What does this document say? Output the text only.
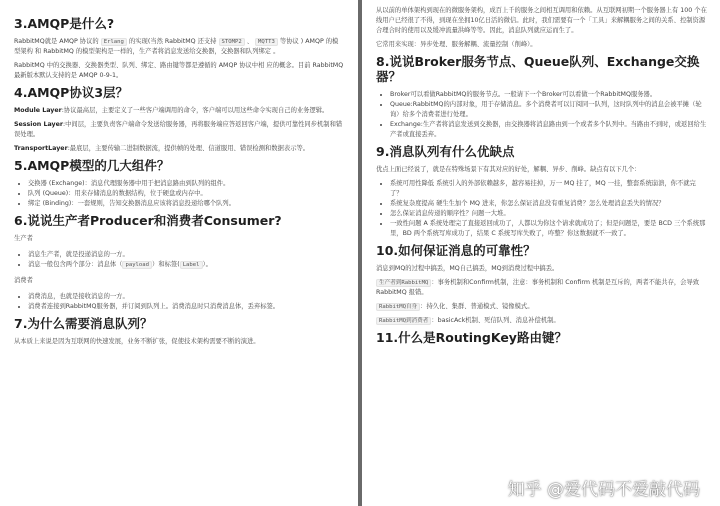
3.AMQP是什么?

RabbitMQ就是 AMQP 协议的 Erlang 的实现(当然 RabbitMQ 还支持 STOMP2 、 MQTT3 等协议 ) AMQP 的模型架构 和 RabbitMQ 的模型架构是一样的，生产者将消息发送给交换器，交换器和队列绑定 。

RabbitMQ 中的交换器、交换器类型、队列、绑定、路由键等都是遵循的 AMQP 协议中相 应的概念。目前 RabbitMQ 最新版本默认支持的是 AMQP 0-9-1。

4.AMQP协议3层？

Module Layer:协议最高层，主要定义了一些客户端调用的命令，客户端可以用这些命令实现自己的业务逻辑。

Session Layer:中间层，主要负责客户端命令发送给服务器，再将服务端应答返回客户端，提供可靠性同步机制和错误处理。

TransportLayer:最底层，主要传输二进制数据流，提供帧的处理、信道服用、错误检测和数据表示等。

5.AMQP模型的几大组件？
• 交换器 (Exchange)：消息代理服务器中用于把消息路由到队列的组件。
• 队列 (Queue)：用来存储消息的数据结构，位于硬盘或内存中。
• 绑定 (Binding)：一套规则，告知交换器消息应该将消息投递给哪个队列。
6.说说生产者Producer和消费者Consumer?
生产者
• 消息生产者，就是投递消息的一方。
• 消息一般包含两个部分：消息体（ payload ）和标签( Label ）。
消费者
• 消费消息，也就是接收消息的一方。
• 消费者连接到RabbitMQ服务器，并订阅到队列上。消费消息时只消费消息体，丢弃标签。
7.为什么需要消息队列？

从本质上来说是因为互联网的快速发展，业务不断扩张，促使技术架构需要不断的演进。

从以前的单体架构到现在的微服务架构，成百上千的服务之间相互调用和依赖。从互联网初期一个服务器上有 100 个在线用户已经很了不得，到现在坐拥10亿日活的微信。此时，我们需要有一个「工具」来解耦服务之间的关系、控制资源合理合时的使用以及缓冲流量洪峰等等。因此，消息队列就应运而生了。

它常用来实现：异步处理、服务解耦、流量控制（削峰）。

8.说说Broker服务节点、Queue队列、Exchange交换器？
• Broker可以看做RabbitMQ的服务节点。一般请下一个Broker可以看做一个RabbitMQ服务器。
• Queue:RabbitMQ的内部对象，用于存储消息。多个消费者可以订阅同一队列，这时队列中的消息会被平摊（轮询）给多个消费者进行处理。
• Exchange:生产者将消息发送到交换器，由交换器将消息路由到一个或者多个队列中。当路由不到时，或返回给生产者或直接丢弃。
9.消息队列有什么优缺点

优点上面已经说了，就是在特殊场景下有其对应的好处，解耦、异步、削峰。缺点有以下几个：

• 系统可用性降低 系统引入的外部依赖越多，越容易挂掉，万一 MQ 挂了，MQ 一挂，整套系统崩溃，你不就完了？
• 系统复杂度提高 硬生生加个 MQ 进来，你怎么保证消息没有重复消费？怎么处理消息丢失的情况？
• 怎么保证消息传递的顺序性？问题一大堆。
• 一致性问题 A 系统处理完了直接返回成功了，人都以为你这个请求就成功了；但是问题是，要是 BCD 三个系统那里，BD 两个系统写库成功了，结果 C 系统写库失败了，咋整？你这数据就不一致了。
10.如何保证消息的可靠性？

消息到MQ的过程中搞丢，MQ自己搞丢，MQ到消费过程中搞丢。

生产者到RabbitMQ ：事务机制和Confirm机制，注意：事务机制和 Confirm 机制是互斥的，两者不能共存，会导致 RabbitMQ 报错。

RabbitMQ自身 ：持久化、集群、普通模式、镜像模式。

RabbitMQ到消费者 ：basicAck机制、死信队列、消息补偿机制。

11.什么是RoutingKey路由键？
知乎 @爱代码不爱敲代码
